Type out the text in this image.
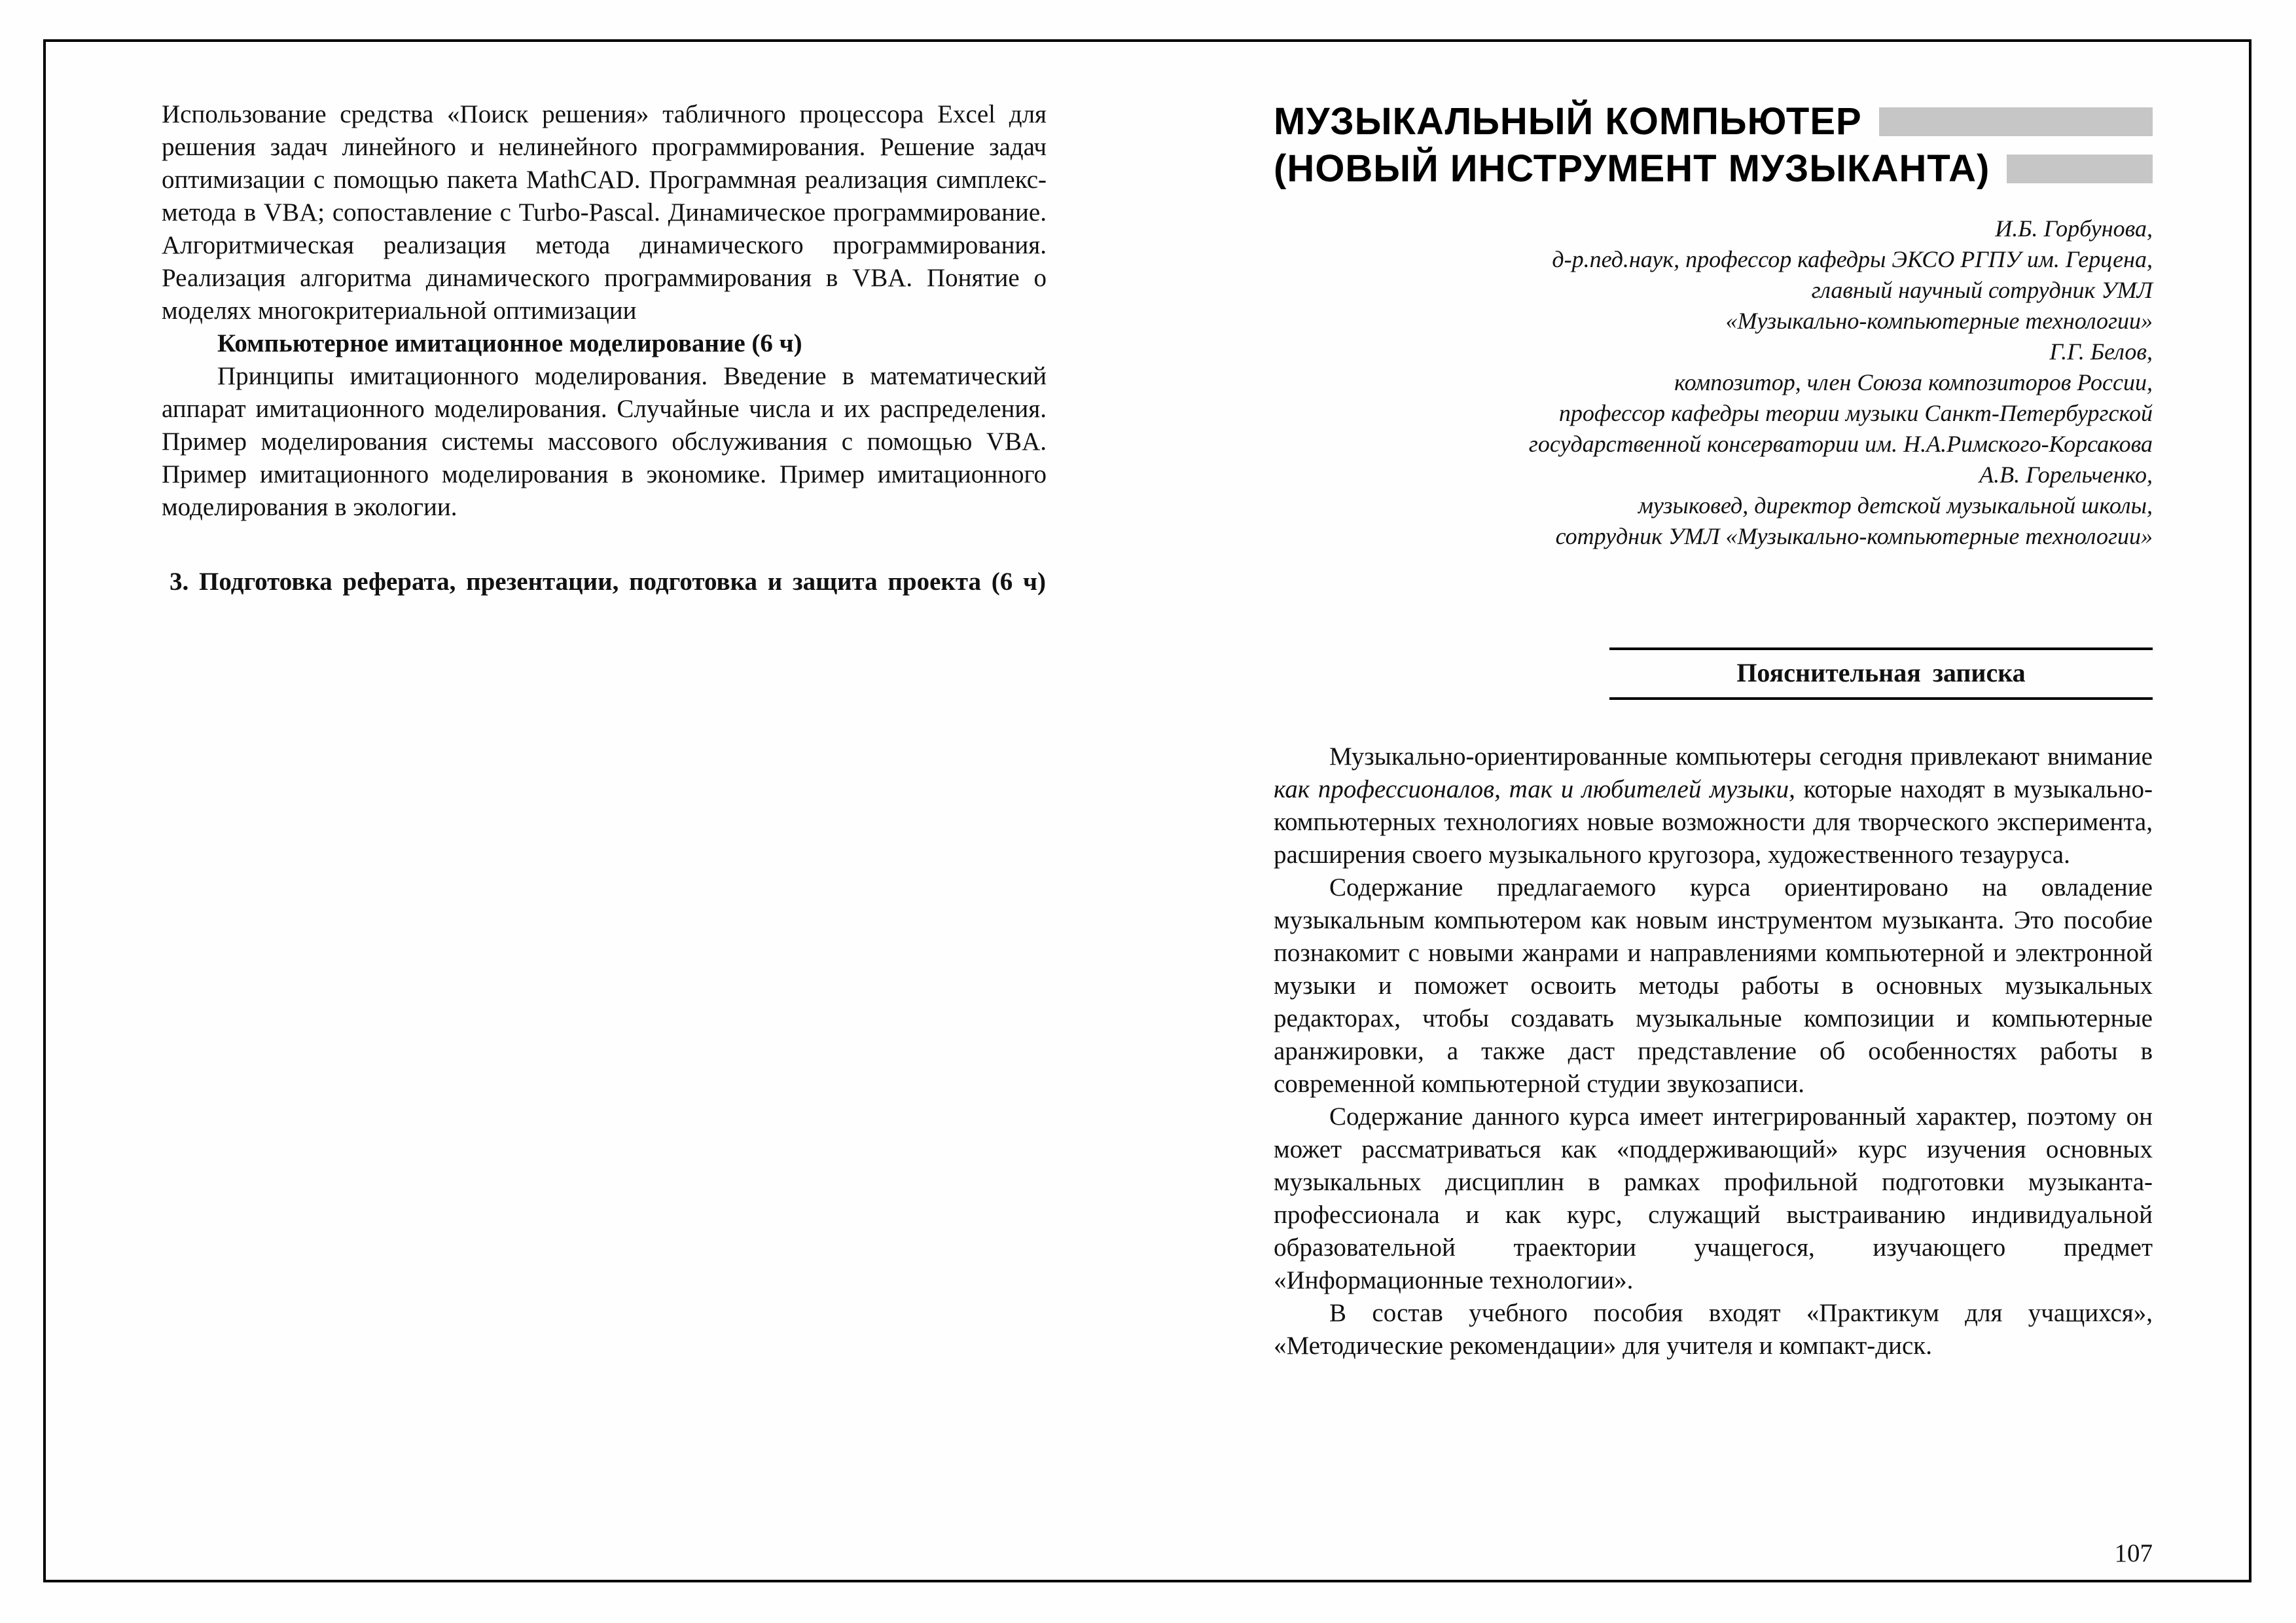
Использование средства «Поиск решения» табличного процессора Excel для решения задач линейного и нелинейного программирования. Решение задач оптимизации с помощью пакета MathCAD. Программная реализация симплекс-метода в VBA; сопоставление с Turbo-Pascal. Динамическое программирование. Алгоритмическая реализация метода динамического программирования. Реализация алгоритма динамического программирования в VBA. Понятие о моделях многокритериальной оптимизации

Компьютерное имитационное моделирование (6 ч)

Принципы имитационного моделирования. Введение в математический аппарат имитационного моделирования. Случайные числа и их распределения. Пример моделирования системы массового обслуживания с помощью VBA. Пример имитационного моделирования в экономике. Пример имитационного моделирования в экологии.

3. Подготовка реферата, презентации, подготовка и защита проекта (6 ч)

МУЗЫКАЛЬНЫЙ КОМПЬЮТЕР
(НОВЫЙ ИНСТРУМЕНТ МУЗЫКАНТА)
И.Б. Горбунова,
д-р.пед.наук, профессор кафедры ЭКСО РГПУ им. Герцена,
главный научный сотрудник УМЛ
«Музыкально-компьютерные технологии»
Г.Г. Белов,
композитор, член Союза композиторов России,
профессор кафедры теории музыки Санкт-Петербургской
государственной консерватории им. Н.А.Римского-Корсакова
А.В. Горельченко,
музыковед, директор детской музыкальной школы,
сотрудник УМЛ «Музыкально-компьютерные технологии»
Пояснительная записка

Музыкально-ориентированные компьютеры сегодня привлекают внимание как профессионалов, так и любителей музыки, которые находят в музыкально-компьютерных технологиях новые возможности для творческого эксперимента, расширения своего музыкального кругозора, художественного тезауруса.

Содержание предлагаемого курса ориентировано на овладение музыкальным компьютером как новым инструментом музыканта. Это пособие познакомит с новыми жанрами и направлениями компьютерной и электронной музыки и поможет освоить методы работы в основных музыкальных редакторах, чтобы создавать музыкальные композиции и компьютерные аранжировки, а также даст представление об особенностях работы в современной компьютерной студии звукозаписи.

Содержание данного курса имеет интегрированный характер, поэтому он может рассматриваться как «поддерживающий» курс изучения основных музыкальных дисциплин в рамках профильной подготовки музыканта-профессионала и как курс, служащий выстраиванию индивидуальной образовательной траектории учащегося, изучающего предмет «Информационные технологии».

В состав учебного пособия входят «Практикум для учащихся», «Методические рекомендации» для учителя и компакт-диск.

107
